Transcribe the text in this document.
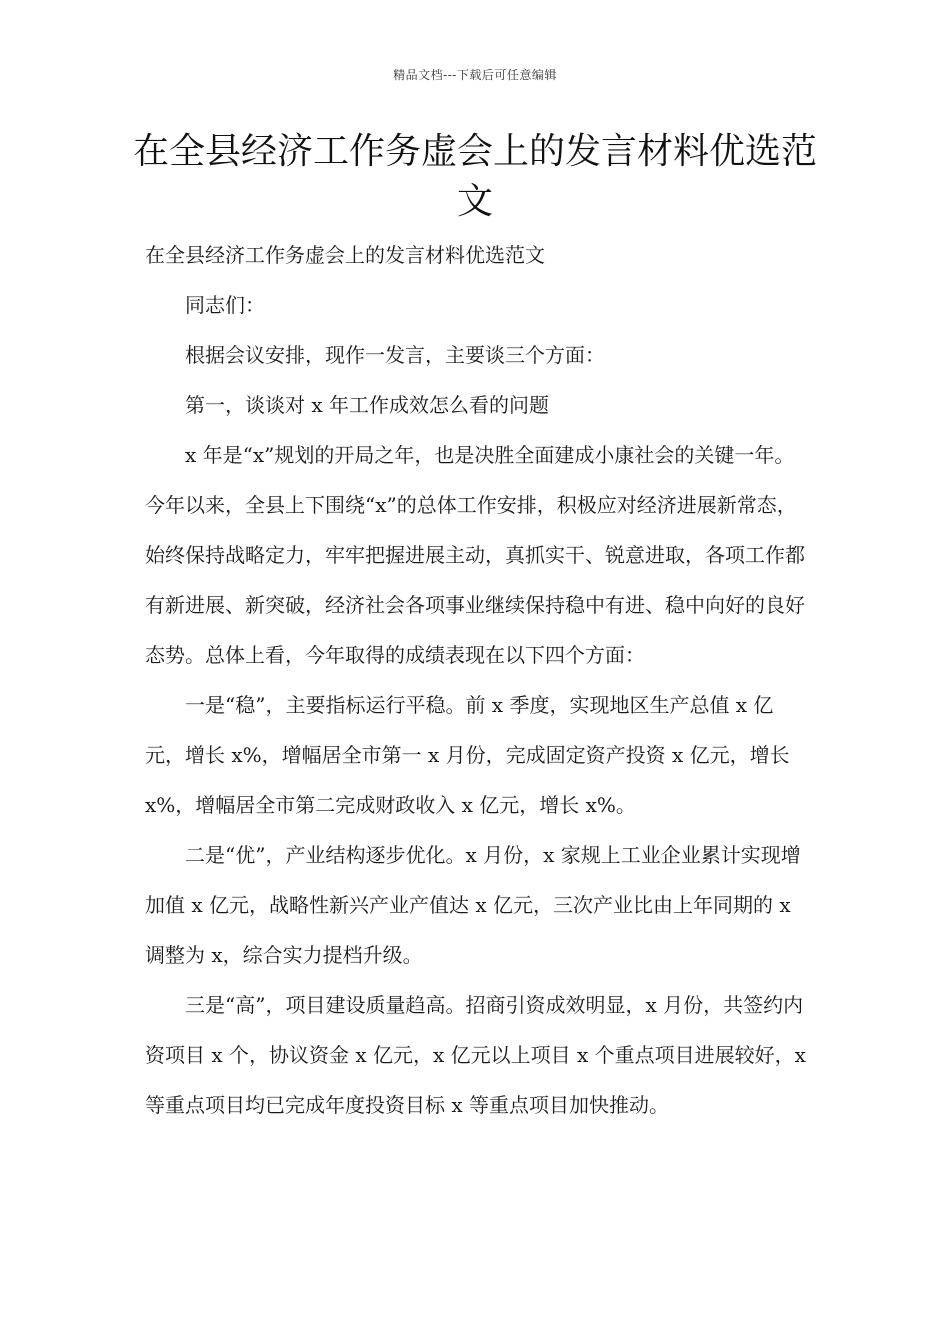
精品文档---下载后可任意编辑
在全县经济工作务虚会上的发言材料优选范文

在全县经济工作务虚会上的发言材料优选范文

同志们：

根据会议安排，现作一发言，主要谈三个方面：

第一，谈谈对 x 年工作成效怎么看的问题

x 年是“x”规划的开局之年，也是决胜全面建成小康社会的关键一年。今年以来，全县上下围绕“x”的总体工作安排，积极应对经济进展新常态，始终保持战略定力，牢牢把握进展主动，真抓实干、锐意进取，各项工作都有新进展、新突破，经济社会各项事业继续保持稳中有进、稳中向好的良好态势。总体上看，今年取得的成绩表现在以下四个方面：

一是“稳”，主要指标运行平稳。前 x 季度，实现地区生产总值 x 亿元，增长 x%，增幅居全市第一 x 月份，完成固定资产投资 x 亿元，增长 x%，增幅居全市第二完成财政收入 x 亿元，增长 x%。

二是“优”，产业结构逐步优化。x 月份，x 家规上工业企业累计实现增加值 x 亿元，战略性新兴产业产值达 x 亿元，三次产业比由上年同期的 x 调整为 x，综合实力提档升级。

三是“高”，项目建设质量趋高。招商引资成效明显，x 月份，共签约内资项目 x 个，协议资金 x 亿元，x 亿元以上项目 x 个重点项目进展较好，x 等重点项目均已完成年度投资目标 x 等重点项目加快推动。
